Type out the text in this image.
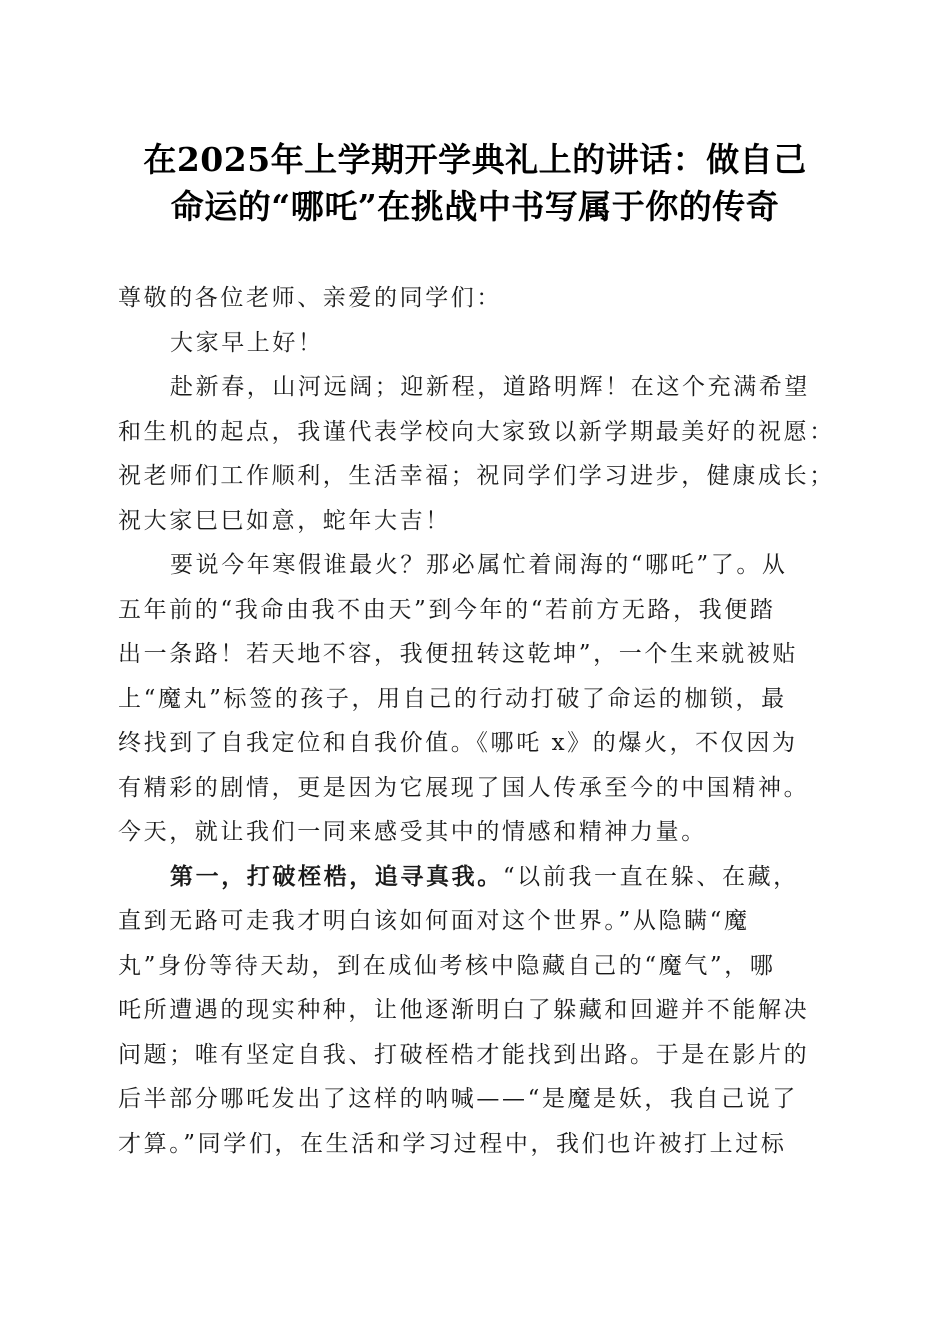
在2025年上学期开学典礼上的讲话：做自己
命运的“哪吒”在挑战中书写属于你的传奇
尊敬的各位老师、亲爱的同学们：
大家早上好！
赴新春，山河远阔；迎新程，道路明辉！在这个充满希望
和生机的起点，我谨代表学校向大家致以新学期最美好的祝愿：
祝老师们工作顺利，生活幸福；祝同学们学习进步，健康成长；
祝大家巳巳如意，蛇年大吉！
要说今年寒假谁最火？那必属忙着闹海的“哪吒”了。从
五年前的“我命由我不由天”到今年的“若前方无路，我便踏
出一条路！若天地不容，我便扭转这乾坤”，一个生来就被贴
上“魔丸”标签的孩子，用自己的行动打破了命运的枷锁，最
终找到了自我定位和自我价值。《哪吒 x》的爆火，不仅因为
有精彩的剧情，更是因为它展现了国人传承至今的中国精神。
今天，就让我们一同来感受其中的情感和精神力量。
第一，打破桎梏，追寻真我。“以前我一直在躲、在藏，
直到无路可走我才明白该如何面对这个世界。”从隐瞒“魔
丸”身份等待天劫，到在成仙考核中隐藏自己的“魔气”，哪
吒所遭遇的现实种种，让他逐渐明白了躲藏和回避并不能解决
问题；唯有坚定自我、打破桎梏才能找到出路。于是在影片的
后半部分哪吒发出了这样的呐喊——“是魔是妖，我自己说了
才算。”同学们，在生活和学习过程中，我们也许被打上过标
